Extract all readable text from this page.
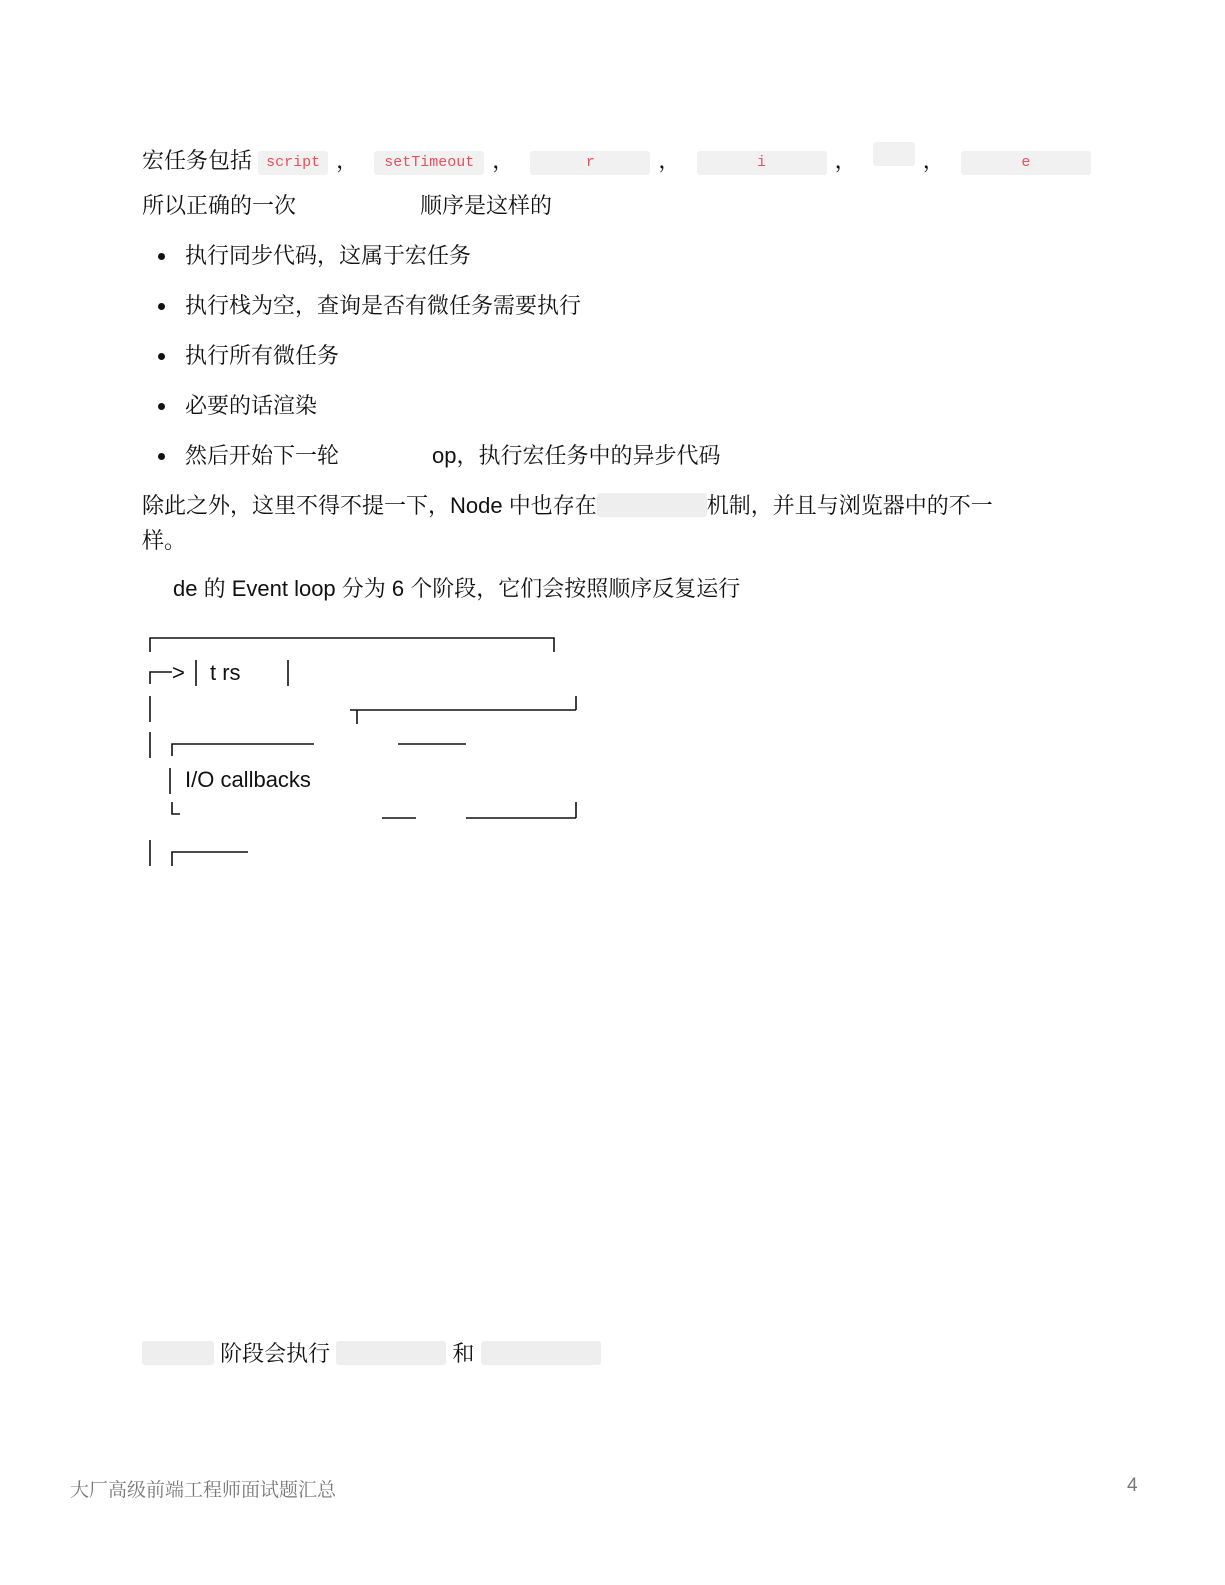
宏任务包括 script ， setTimeout ，	r	，	i	，	，	e
所以正确的一次	顺序是这样的
执行同步代码，这属于宏任务
执行栈为空，查询是否有微任务需要执行
执行所有微任务
必要的话渲染
然后开始下一轮	op，执行宏任务中的异步代码
除此之外，这里不得不提一下，Node 中也存在	机制，并且与浏览器中的不一
样。
de 的 Event loop 分为 6 个阶段，它们会按照顺序反复运行
> t rs
I/O callbacks
阶段会执行	和
大厂高级前端工程师面试题汇总	4
